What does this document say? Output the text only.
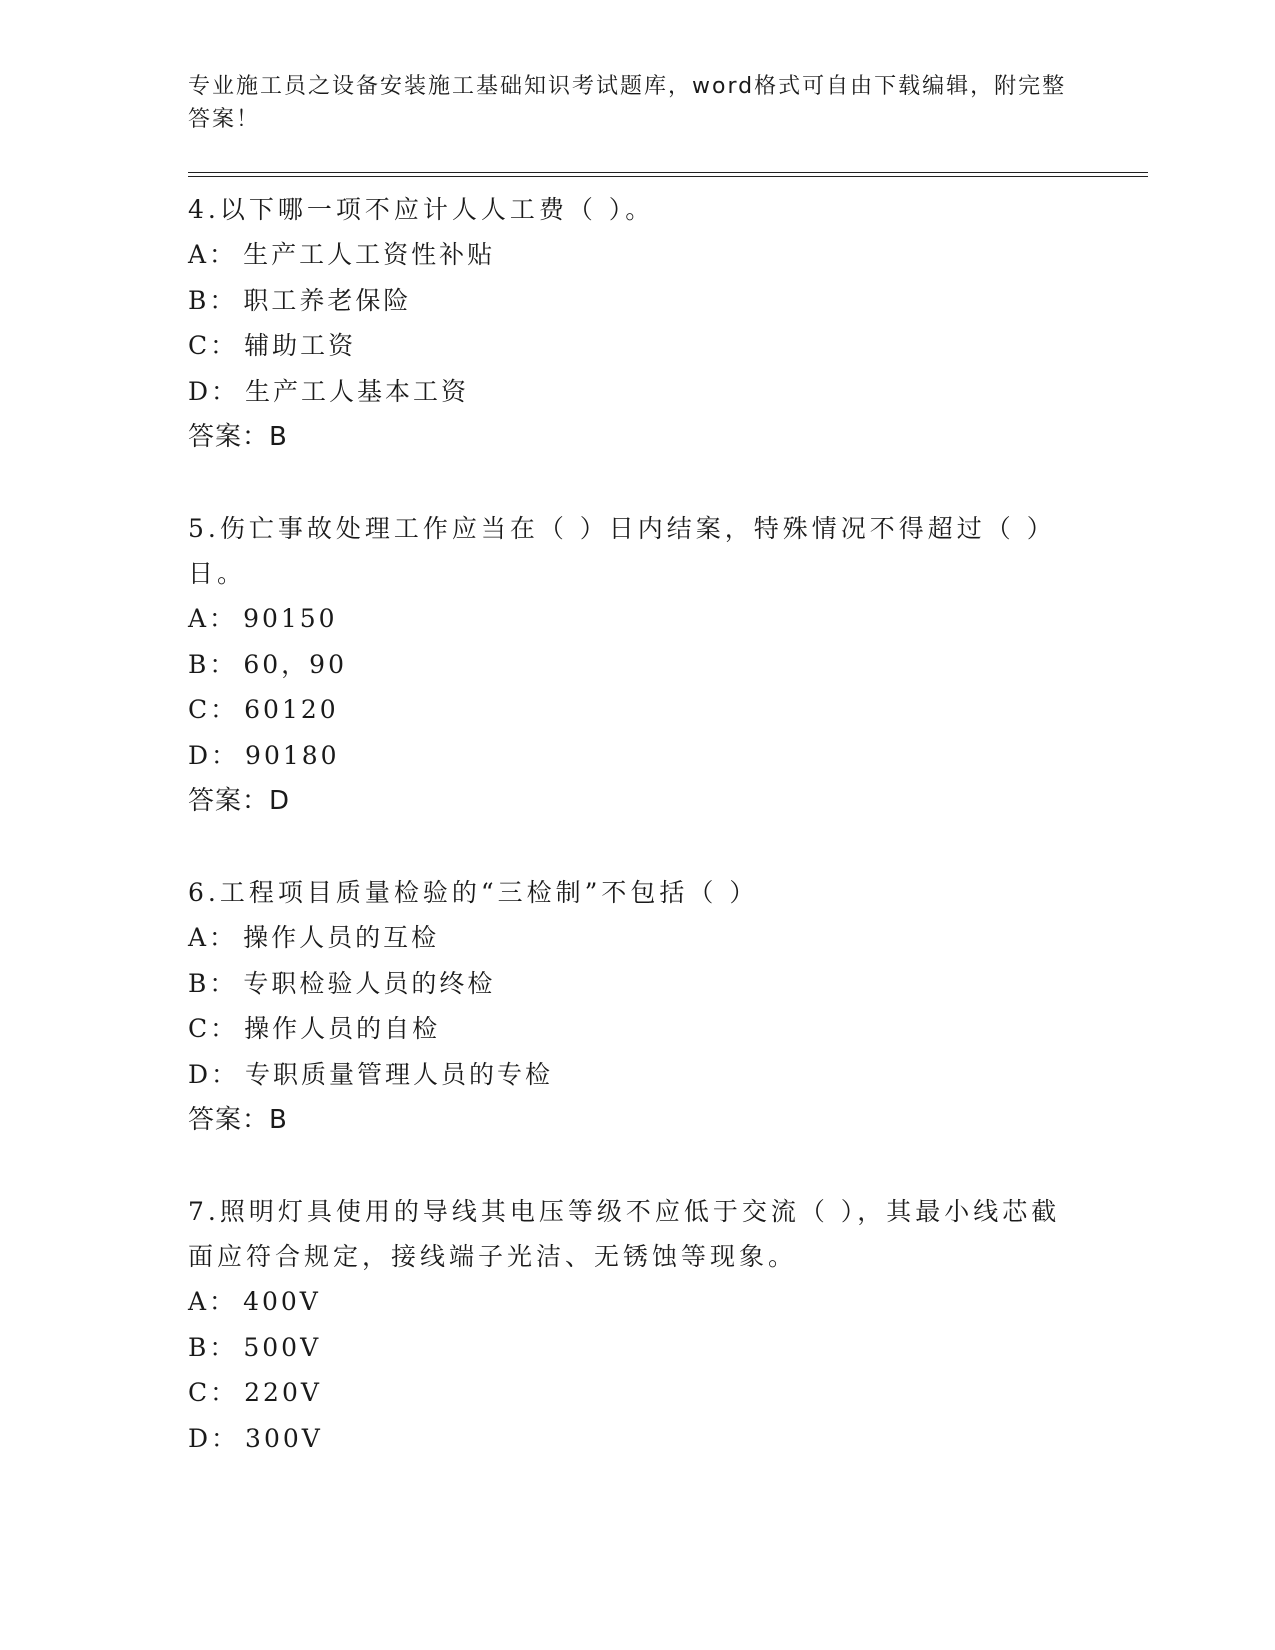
专业施工员之设备安装施工基础知识考试题库，word格式可自由下载编辑，附完整答案！

4.以下哪一项不应计人人工费（ ）。

A： 生产工人工资性补贴

B： 职工养老保险

C： 辅助工资

D： 生产工人基本工资

答案：B

5.伤亡事故处理工作应当在（ ）日内结案，特殊情况不得超过（ ）日。

A： 90150

B： 60，90

C： 60120

D： 90180

答案：D

6.工程项目质量检验的“三检制”不包括（ ）

A： 操作人员的互检

B： 专职检验人员的终检

C： 操作人员的自检

D： 专职质量管理人员的专检

答案：B

7.照明灯具使用的导线其电压等级不应低于交流（ ），其最小线芯截面应符合规定，接线端子光洁、无锈蚀等现象。

A： 400V

B： 500V

C： 220V

D： 300V
